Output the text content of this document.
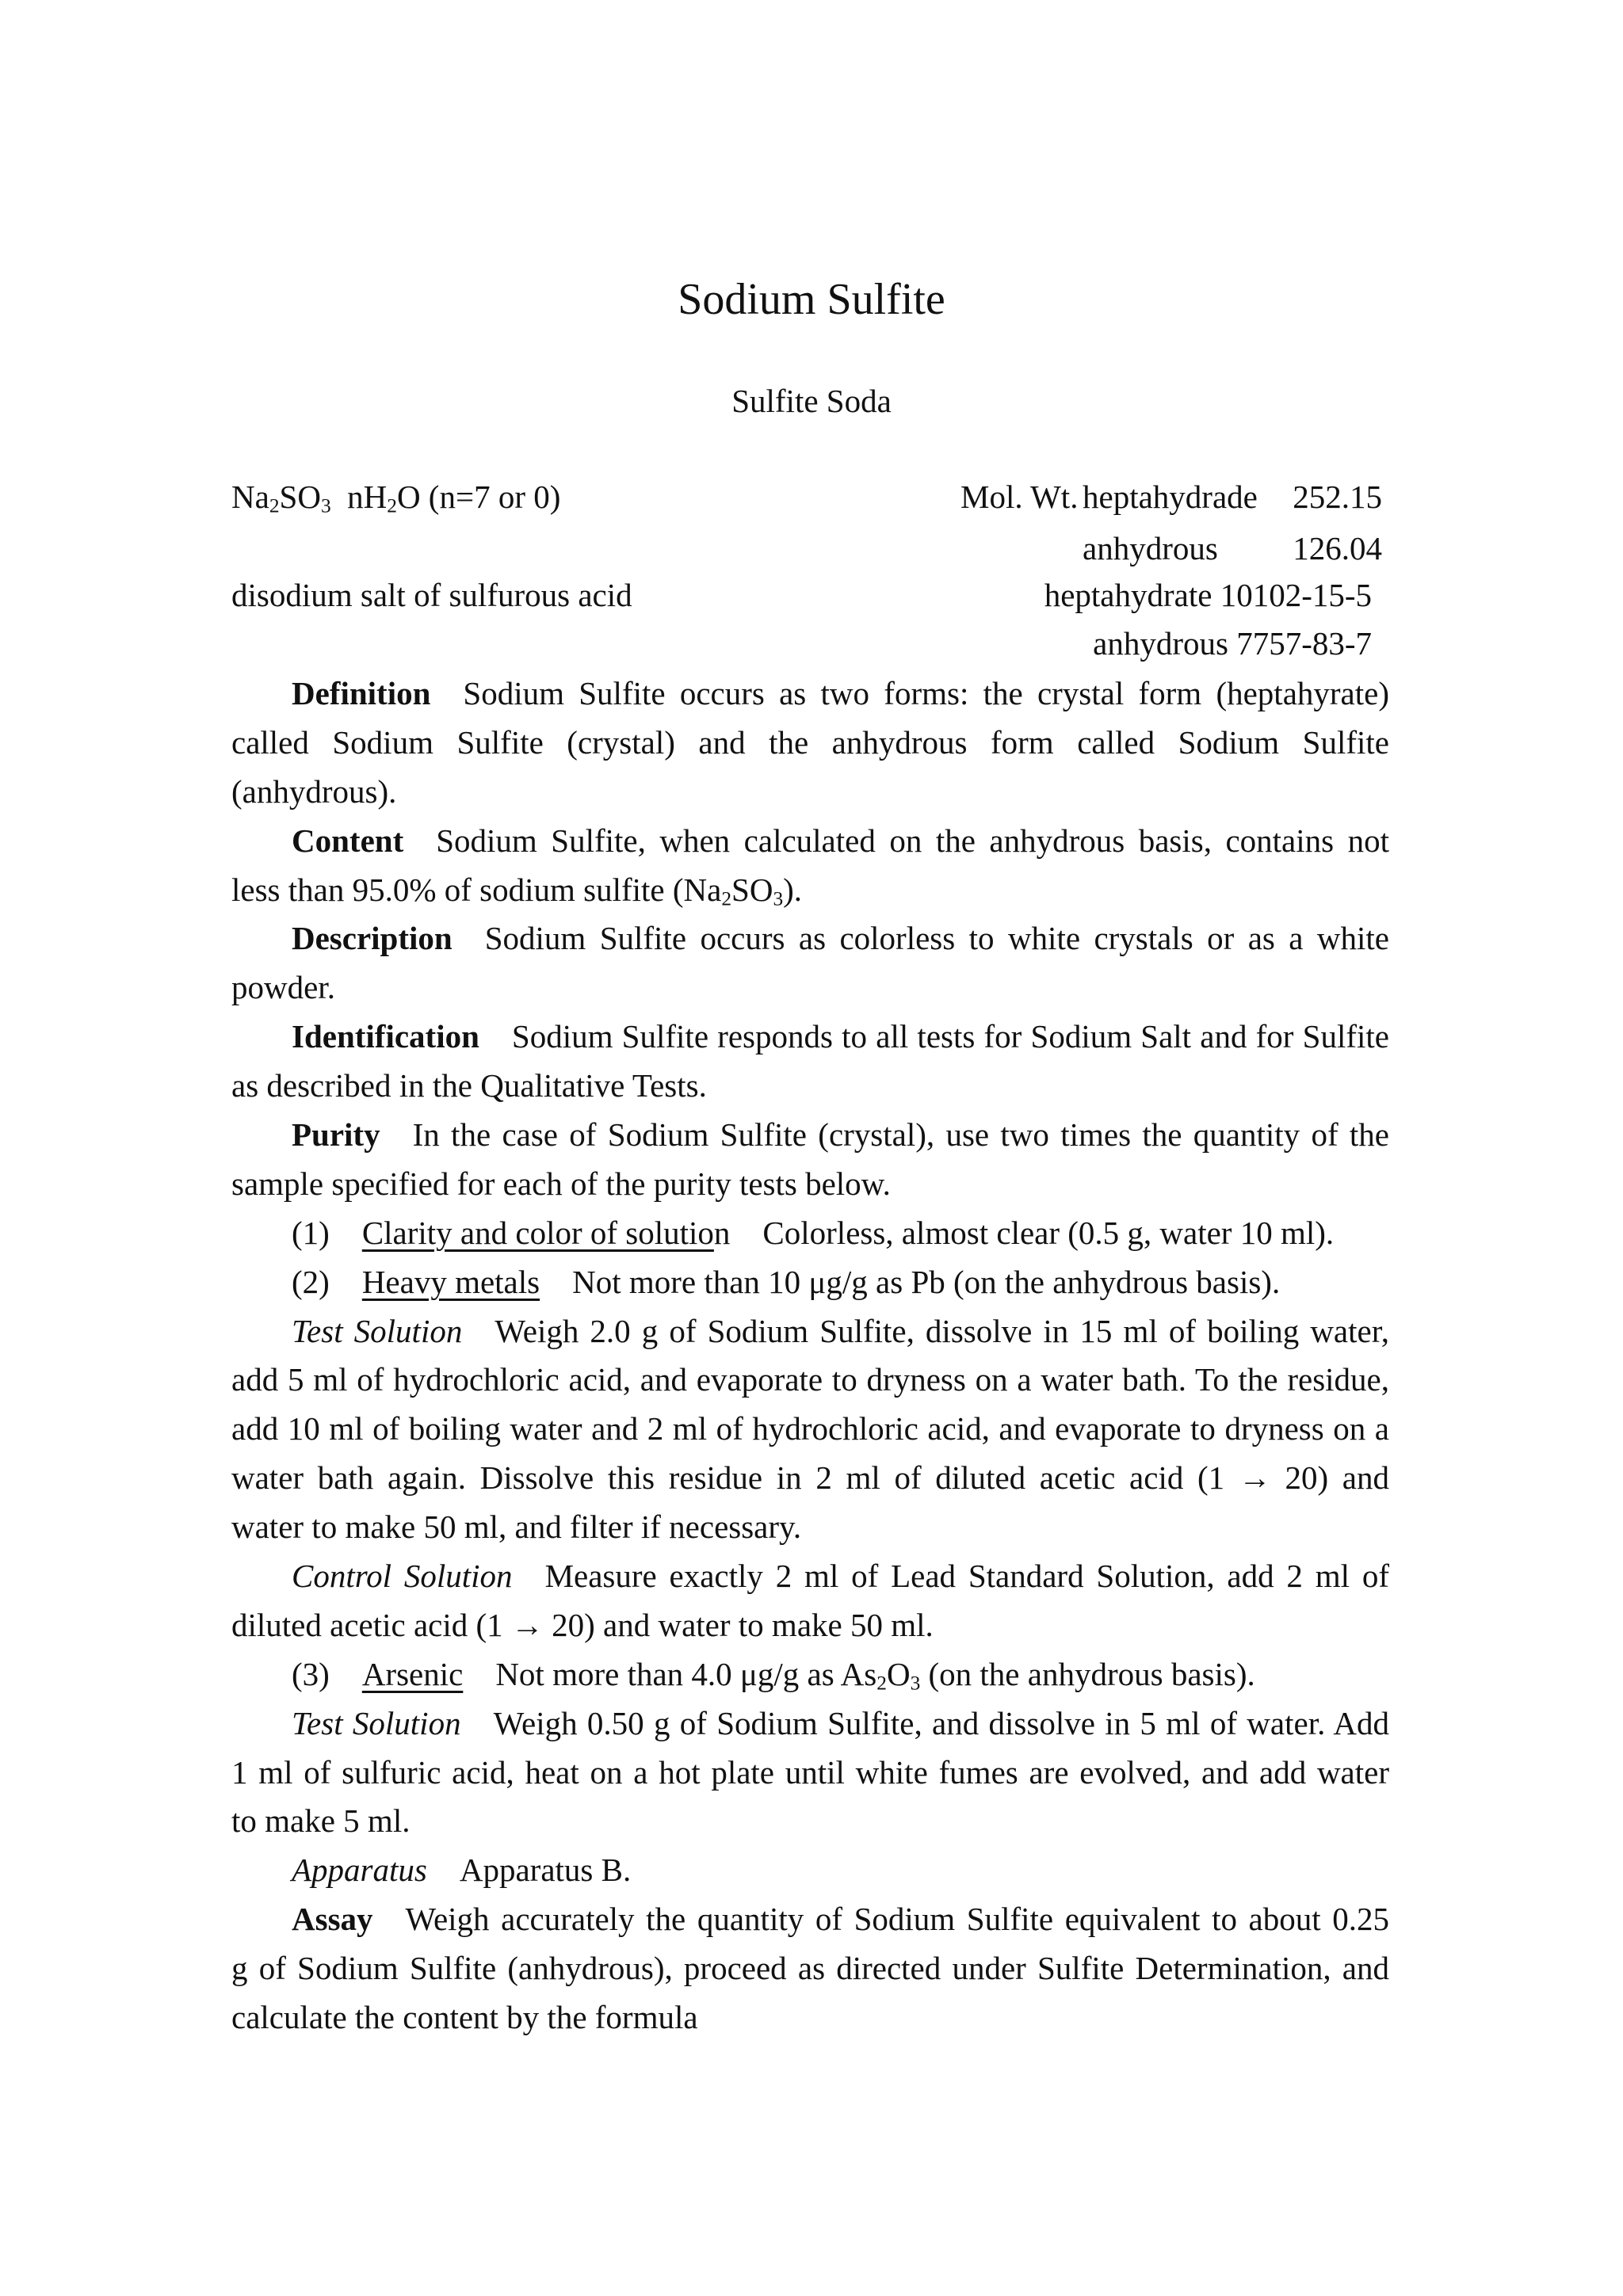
Sodium Sulfite
Sulfite Soda
$Na_2SO_3$ $nH_2O$ (n=7 or 0)
disodium salt of sulfurous acid
Mol. Wt. heptahydrade 252.15
anhydrous 126.04
heptahydrate 10102-15-5
anhydrous 7757-83-7
Definition Sodium Sulfite occurs as two forms: the crystal form (heptahyrate)
called Sodium Sulfite (crystal) and the anhydrous form called Sodium Sulfite
(anhydrous).
Content Sodium Sulfite, when calculated on the anhydrous basis, contains not
less than 95.0% of sodium sulfite $(Na_2SO_3)$.
Description Sodium Sulfite occurs as colorless to white crystals or as a white
powder.
Identification Sodium Sulfite responds to all tests for Sodium Salt and for Sulfite
as described in the Qualitative Tests.
Purity In the case of Sodium Sulfite (crystal), use two times the quantity of the
sample specified for each of the purity tests below.
(1) Clarity and color of solution Colorless, almost clear (0.5 g, water 10 ml).
(2) Heavy metals Not more than 10 μg/g as Pb (on the anhydrous basis).
Test Solution Weigh 2.0 g of Sodium Sulfite, dissolve in 15 ml of boiling water,
add 5 ml of hydrochloric acid, and evaporate to dryness on a water bath. To the residue,
add 10 ml of boiling water and 2 ml of hydrochloric acid, and evaporate to dryness on a
water bath again. Dissolve this residue in 2 ml of diluted acetic acid (1 → 20) and
water to make 50 ml, and filter if necessary.
Control Solution Measure exactly 2 ml of Lead Standard Solution, add 2 ml of
diluted acetic acid (1 → 20) and water to make 50 ml.
(3) Arsenic Not more than 4.0 μg/g as $As_2O_3$ (on the anhydrous basis).
Test Solution Weigh 0.50 g of Sodium Sulfite, and dissolve in 5 ml of water. Add
1 ml of sulfuric acid, heat on a hot plate until white fumes are evolved, and add water
to make 5 ml.
Apparatus Apparatus B.
Assay Weigh accurately the quantity of Sodium Sulfite equivalent to about 0.25
g of Sodium Sulfite (anhydrous), proceed as directed under Sulfite Determination, and
calculate the content by the formula
